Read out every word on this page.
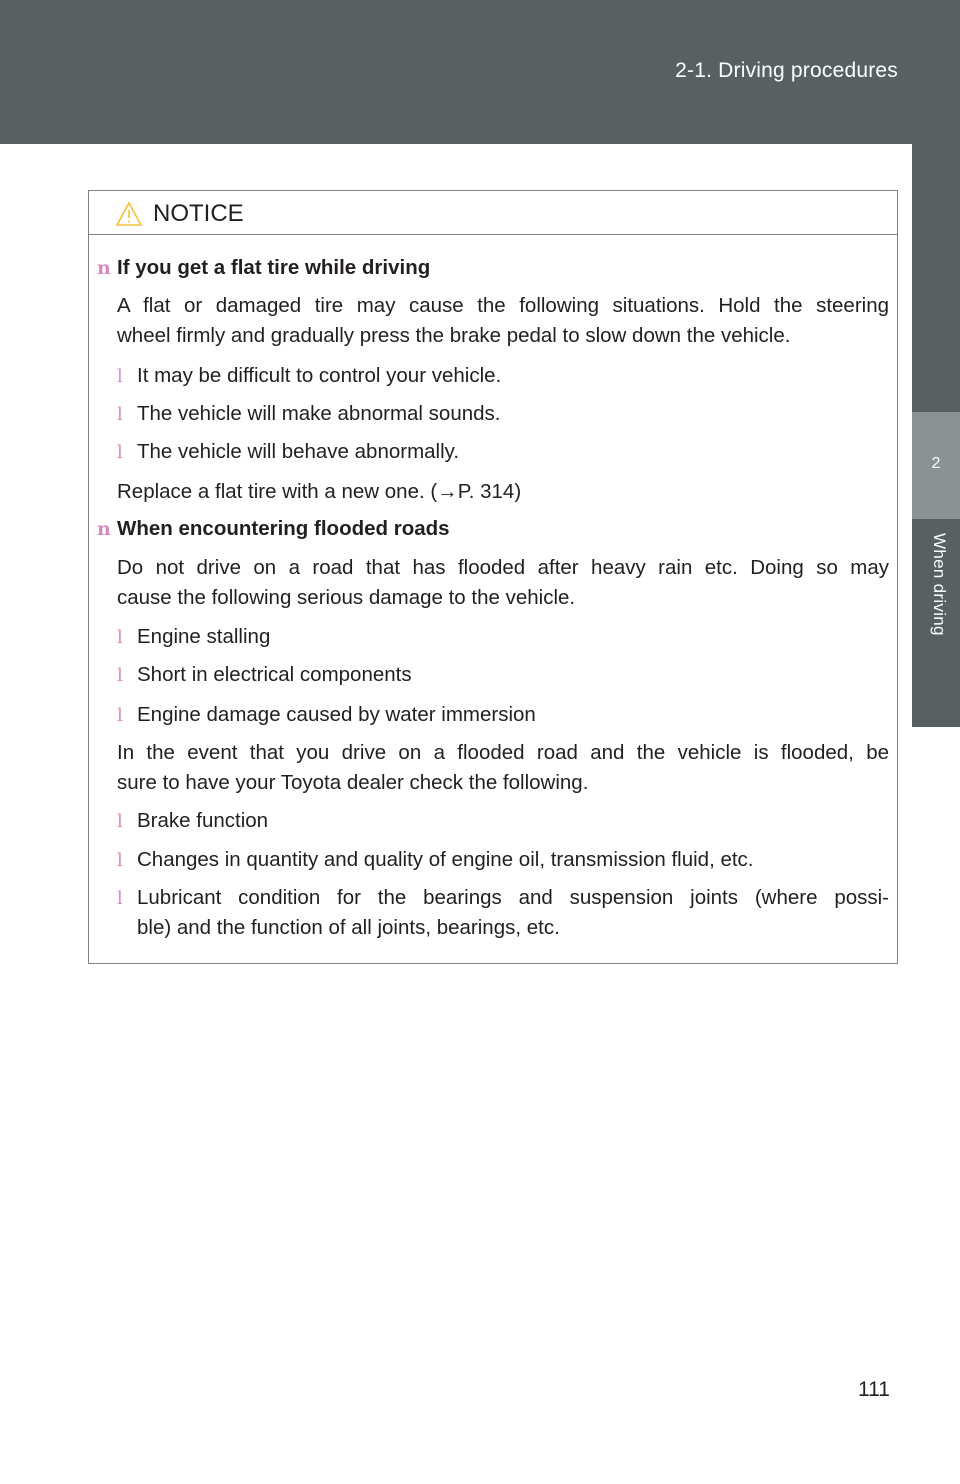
2-1. Driving procedures
2
When driving
NOTICE
n If you get a flat tire while driving
A flat or damaged tire may cause the following situations. Hold the steering
wheel firmly and gradually press the brake pedal to slow down the vehicle.
l It may be difficult to control your vehicle.
l The vehicle will make abnormal sounds.
l The vehicle will behave abnormally.
Replace a flat tire with a new one. (→P. 314)
n When encountering flooded roads
Do not drive on a road that has flooded after heavy rain etc. Doing so may
cause the following serious damage to the vehicle.
l Engine stalling
l Short in electrical components
l Engine damage caused by water immersion
In the event that you drive on a flooded road and the vehicle is flooded, be
sure to have your Toyota dealer check the following.
l Brake function
l Changes in quantity and quality of engine oil, transmission fluid, etc.
l Lubricant condition for the bearings and suspension joints (where possi-
ble) and the function of all joints, bearings, etc.
111
